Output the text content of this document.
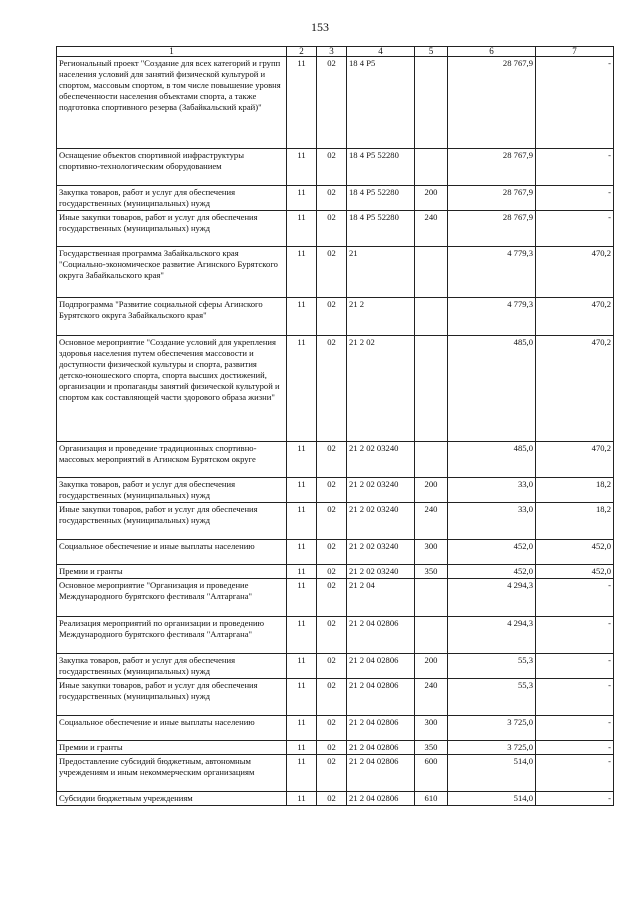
153
1	2	3	4	5	6	7
Региональный проект "Создание для всех категорий и групп населения условий для занятий физической культурой и спортом, массовым спортом, в том числе повышение уровня обеспеченности населения объектами спорта, а также подготовка спортивного резерва (Забайкальский край)"	11	02	18 4 P5		28 767,9	-
Оснащение объектов спортивной инфраструктуры спортивно-технологическим оборудованием	11	02	18 4 P5 52280		28 767,9	-
Закупка товаров, работ и услуг для обеспечения государственных (муниципальных) нужд	11	02	18 4 P5 52280	200	28 767,9	-
Иные закупки товаров, работ и услуг для обеспечения государственных (муниципальных) нужд	11	02	18 4 P5 52280	240	28 767,9	-
Государственная программа Забайкальского края "Социально-экономическое развитие Агинского Бурятского округа Забайкальского края"	11	02	21		4 779,3	470,2
Подпрограмма "Развитие социальной сферы Агинского Бурятского округа Забайкальского края"	11	02	21 2		4 779,3	470,2
Основное мероприятие "Создание условий для укрепления здоровья населения путем обеспечения массовости и доступности физической культуры и спорта, развития детско-юношеского спорта, спорта высших достижений, организации и пропаганды занятий физической культурой и спортом как составляющей части здорового образа жизни"	11	02	21 2 02		485,0	470,2
Организация и проведение традиционных спортивно-массовых мероприятий в Агинском Бурятском округе	11	02	21 2 02 03240		485,0	470,2
Закупка товаров, работ и услуг для обеспечения государственных (муниципальных) нужд	11	02	21 2 02 03240	200	33,0	18,2
Иные закупки товаров, работ и услуг для обеспечения государственных (муниципальных) нужд	11	02	21 2 02 03240	240	33,0	18,2
Социальное обеспечение и иные выплаты населению	11	02	21 2 02 03240	300	452,0	452,0
Премии и гранты	11	02	21 2 02 03240	350	452,0	452,0
Основное мероприятие "Организация и проведение Международного бурятского фестиваля "Алтаргана"	11	02	21 2 04		4 294,3	-
Реализация мероприятий по организации и проведению Международного бурятского фестиваля "Алтаргана"	11	02	21 2 04 02806		4 294,3	-
Закупка товаров, работ и услуг для обеспечения государственных (муниципальных) нужд	11	02	21 2 04 02806	200	55,3	-
Иные закупки товаров, работ и услуг для обеспечения государственных (муниципальных) нужд	11	02	21 2 04 02806	240	55,3	-
Социальное обеспечение и иные выплаты населению	11	02	21 2 04 02806	300	3 725,0	-
Премии и гранты	11	02	21 2 04 02806	350	3 725,0	-
Предоставление субсидий бюджетным, автономным учреждениям и иным некоммерческим организациям	11	02	21 2 04 02806	600	514,0	-
Субсидии бюджетным учреждениям	11	02	21 2 04 02806	610	514,0	-
